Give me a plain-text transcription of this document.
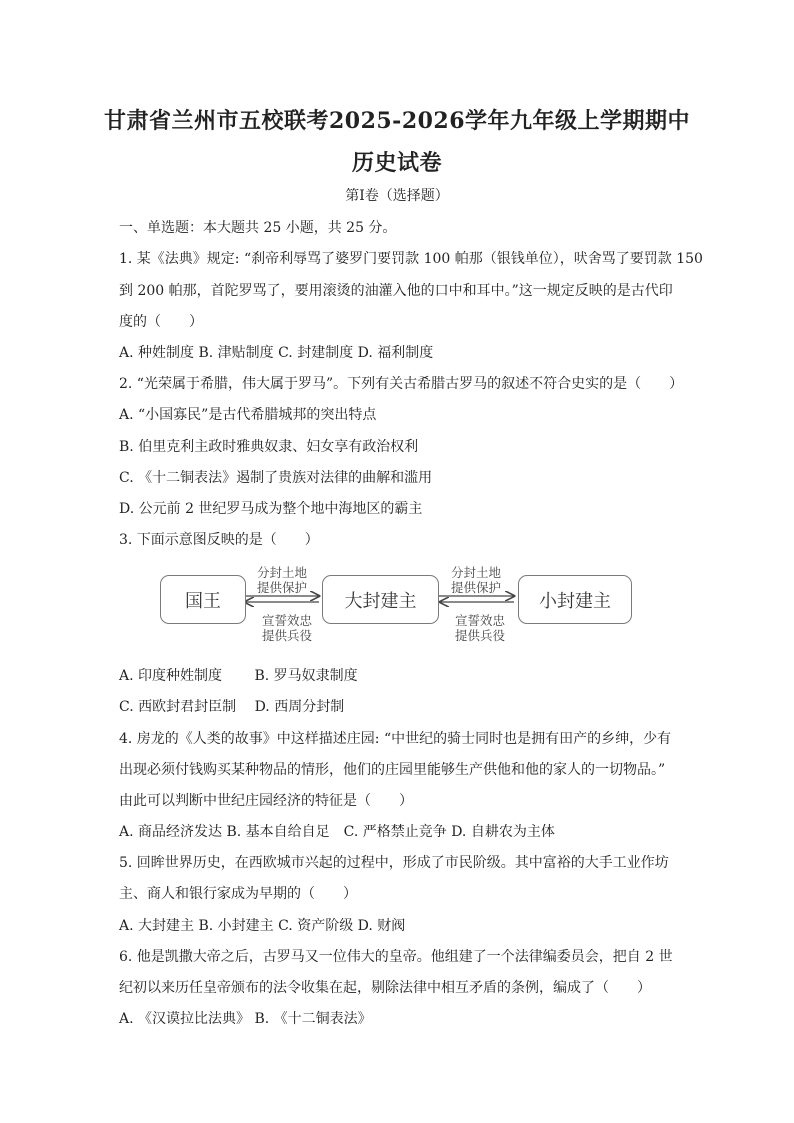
甘肃省兰州市五校联考2025-2026学年九年级上学期期中
历史试卷
第I卷（选择题）
一、单选题：本大题共 25 小题，共 25 分。
1. 某《法典》规定: “刹帝利辱骂了婆罗门要罚款 100 帕那（银钱单位），吠舍骂了要罚款 150
到 200 帕那，首陀罗骂了，要用滚烫的油灌入他的口中和耳中。”这一规定反映的是古代印
度的（　　）
A. 种姓制度 B. 津贴制度 C. 封建制度 D. 福利制度
2. “光荣属于希腊，伟大属于罗马”。下列有关古希腊古罗马的叙述不符合史实的是（　　）
A. “小国寡民”是古代希腊城邦的突出特点
B. 伯里克利主政时雅典奴隶、妇女享有政治权利
C. 《十二铜表法》遏制了贵族对法律的曲解和滥用
D. 公元前 2 世纪罗马成为整个地中海地区的霸主
3. 下面示意图反映的是（　　）
国王	大封建主	小封建主
分封土地
提供保护
宣誓效忠
提供兵役
分封土地
提供保护
宣誓效忠
提供兵役
A. 印度种姓制度　　 B. 罗马奴隶制度
C. 西欧封君封臣制　 D. 西周分封制
4. 房龙的《人类的故事》中这样描述庄园: “中世纪的骑士同时也是拥有田产的乡绅，少有
出现必须付钱购买某种物品的情形，他们的庄园里能够生产供他和他的家人的一切物品。”
由此可以判断中世纪庄园经济的特征是（　　）
A. 商品经济发达 B. 基本自给自足　C. 严格禁止竞争 D. 自耕农为主体
5. 回眸世界历史，在西欧城市兴起的过程中，形成了市民阶级。其中富裕的大手工业作坊
主、商人和银行家成为早期的（　　）
A. 大封建主 B. 小封建主 C. 资产阶级 D. 财阀
6. 他是凯撒大帝之后，古罗马又一位伟大的皇帝。他组建了一个法律编委员会，把自 2 世
纪初以来历任皇帝颁布的法令收集在起，剔除法律中相互矛盾的条例，编成了（　　）
A. 《汉谟拉比法典》 B. 《十二铜表法》
